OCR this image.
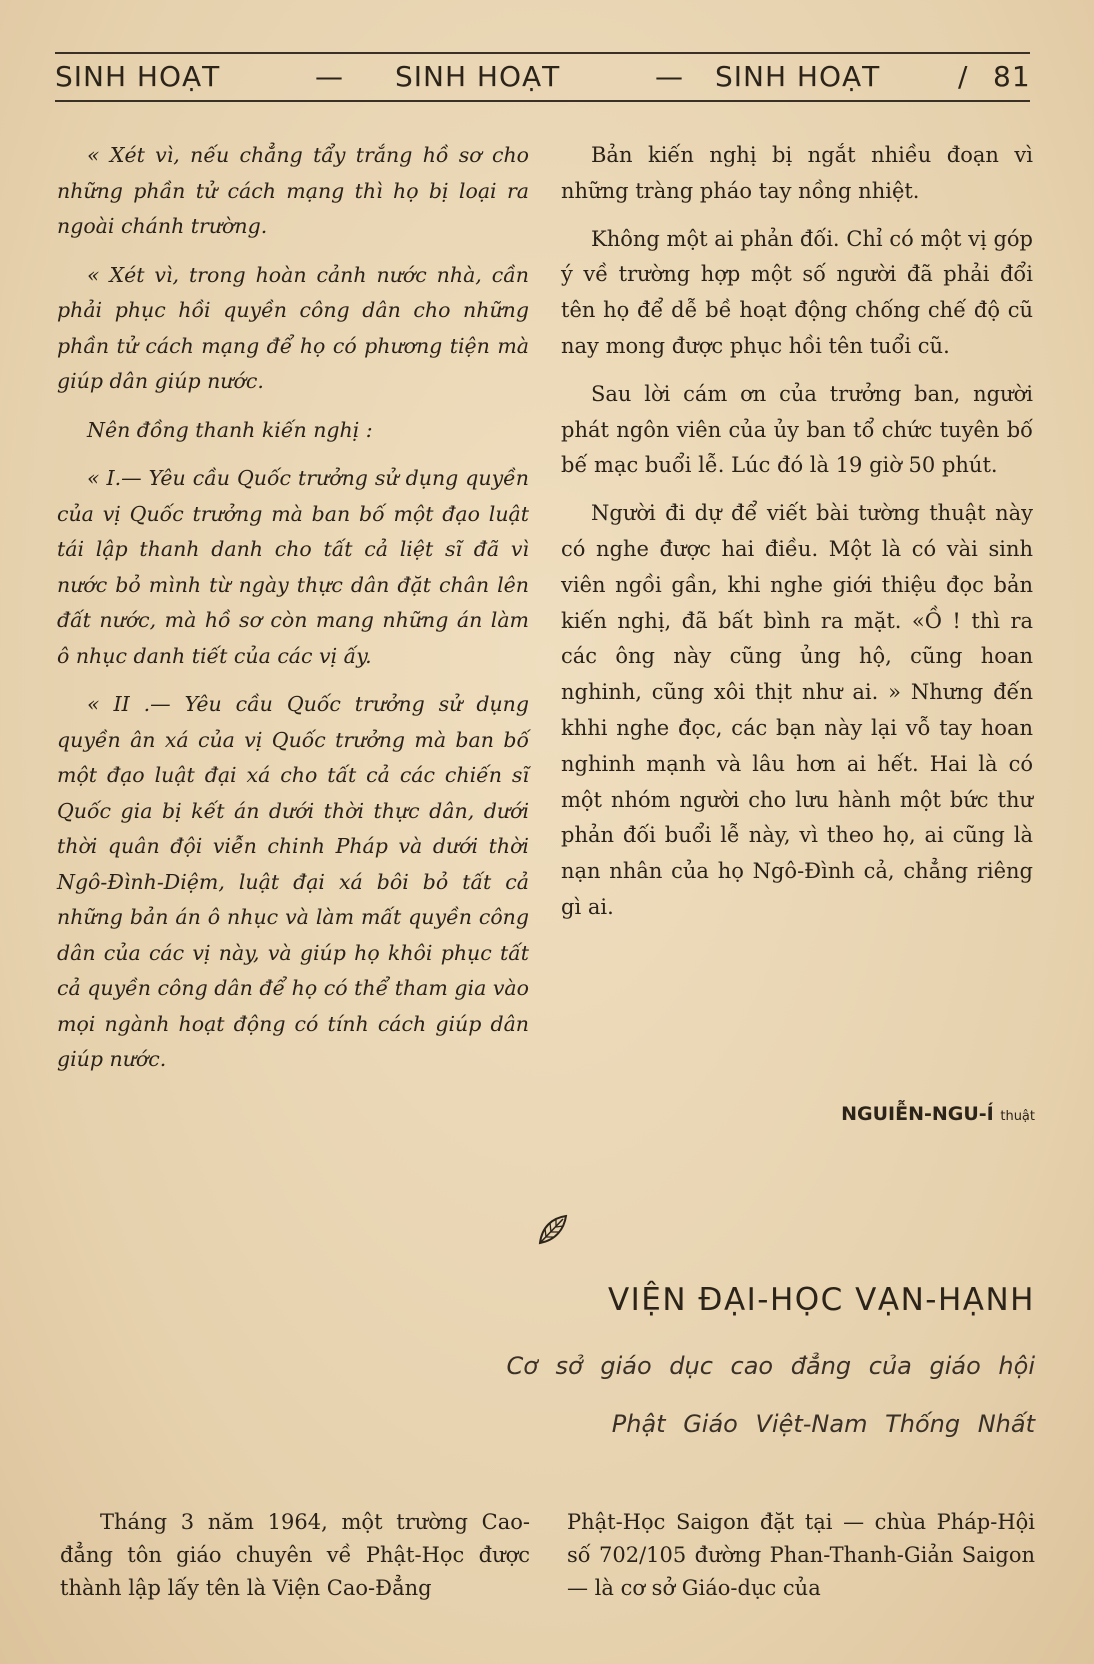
SINH HOẠT	— SINH HOẠT	— SINH HOẠT	/ 81

« Xét vì, nếu chẳng tẩy trắng hồ sơ cho những phần tử cách mạng thì họ bị loại ra ngoài chánh trường.

« Xét vì, trong hoàn cảnh nước nhà, cần phải phục hồi quyền công dân cho những phần tử cách mạng để họ có phương tiện mà giúp dân giúp nước.

Nên đồng thanh kiến nghị :

« I.— Yêu cầu Quốc trưởng sử dụng quyền của vị Quốc trưởng mà ban bố một đạo luật tái lập thanh danh cho tất cả liệt sĩ đã vì nước bỏ mình từ ngày thực dân đặt chân lên đất nước, mà hồ sơ còn mang những án làm ô nhục danh tiết của các vị ấy.

« II .— Yêu cầu Quốc trưởng sử dụng quyền ân xá của vị Quốc trưởng mà ban bố một đạo luật đại xá cho tất cả các chiến sĩ Quốc gia bị kết án dưới thời thực dân, dưới thời quân đội viễn chinh Pháp và dưới thời Ngô-Đình-Diệm, luật đại xá bôi bỏ tất cả những bản án ô nhục và làm mất quyền công dân của các vị này, và giúp họ khôi phục tất cả quyền công dân để họ có thể tham gia vào mọi ngành hoạt động có tính cách giúp dân giúp nước.

Bản kiến nghị bị ngắt nhiều đoạn vì những tràng pháo tay nồng nhiệt.

Không một ai phản đối. Chỉ có một vị góp ý về trường hợp một số người đã phải đổi tên họ để dễ bề hoạt động chống chế độ cũ nay mong được phục hồi tên tuổi cũ.

Sau lời cám ơn của trưởng ban, người phát ngôn viên của ủy ban tổ chức tuyên bố bế mạc buổi lễ. Lúc đó là 19 giờ 50 phút.

Người đi dự để viết bài tường thuật này có nghe được hai điều. Một là có vài sinh viên ngồi gần, khi nghe giới thiệu đọc bản kiến nghị, đã bất bình ra mặt. «Ồ ! thì ra các ông này cũng ủng hộ, cũng hoan nghinh, cũng xôi thịt như ai. » Nhưng đến khhi nghe đọc, các bạn này lại vỗ tay hoan nghinh mạnh và lâu hơn ai hết. Hai là có một nhóm người cho lưu hành một bức thư phản đối buổi lễ này, vì theo họ, ai cũng là nạn nhân của họ Ngô-Đình cả, chẳng riêng gì ai.

NGUIỄN-NGU-Í thuật
VIỆN ĐẠI-HỌC VẠN-HẠNH
Cơ sở giáo dục cao đẳng của giáo hội
Phật Giáo Việt-Nam Thống Nhất

Tháng 3 năm 1964, một trường Cao-đẳng tôn giáo chuyên về Phật-Học được thành lập lấy tên là Viện Cao-Đẳng

Phật-Học Saigon đặt tại — chùa Pháp-Hội số 702/105 đường Phan-Thanh-Giản Saigon — là cơ sở Giáo-dục của
